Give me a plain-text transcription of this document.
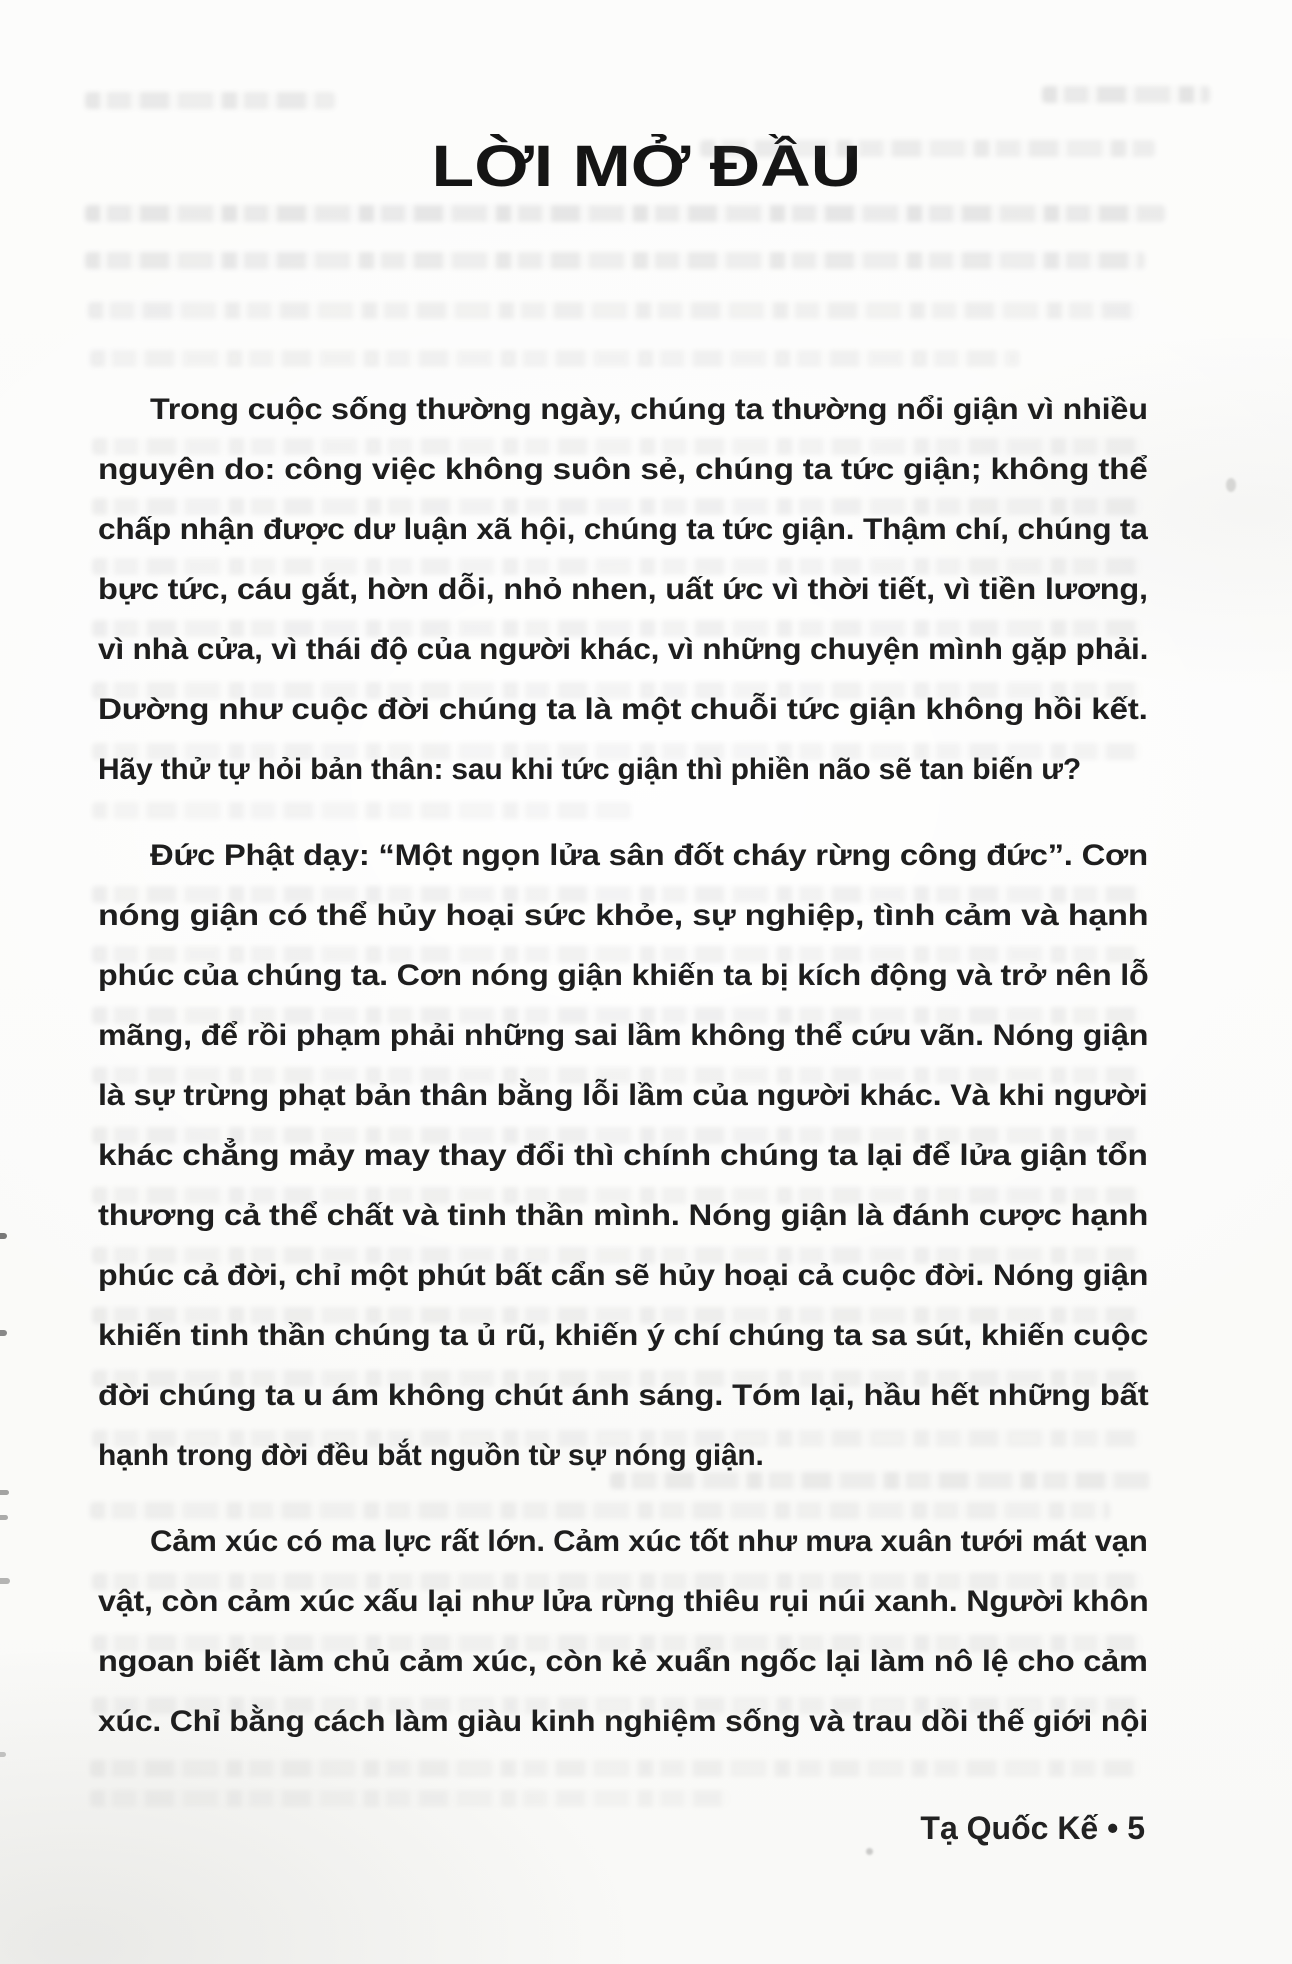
LỜI MỞ ĐẦU
Trong cuộc sống thường ngày, chúng ta thường nổi giận vì nhiều
nguyên do: công việc không suôn sẻ, chúng ta tức giận; không thể
chấp nhận được dư luận xã hội, chúng ta tức giận. Thậm chí, chúng ta
bực tức, cáu gắt, hờn dỗi, nhỏ nhen, uất ức vì thời tiết, vì tiền lương,
vì nhà cửa, vì thái độ của người khác, vì những chuyện mình gặp phải.
Dường như cuộc đời chúng ta là một chuỗi tức giận không hồi kết.
Hãy thử tự hỏi bản thân: sau khi tức giận thì phiền não sẽ tan biến ư?
Đức Phật dạy: “Một ngọn lửa sân đốt cháy rừng công đức”. Cơn
nóng giận có thể hủy hoại sức khỏe, sự nghiệp, tình cảm và hạnh
phúc của chúng ta. Cơn nóng giận khiến ta bị kích động và trở nên lỗ
mãng, để rồi phạm phải những sai lầm không thể cứu vãn. Nóng giận
là sự trừng phạt bản thân bằng lỗi lầm của người khác. Và khi người
khác chẳng mảy may thay đổi thì chính chúng ta lại để lửa giận tổn
thương cả thể chất và tinh thần mình. Nóng giận là đánh cược hạnh
phúc cả đời, chỉ một phút bất cẩn sẽ hủy hoại cả cuộc đời. Nóng giận
khiến tinh thần chúng ta ủ rũ, khiến ý chí chúng ta sa sút, khiến cuộc
đời chúng ta u ám không chút ánh sáng. Tóm lại, hầu hết những bất
hạnh trong đời đều bắt nguồn từ sự nóng giận.
Cảm xúc có ma lực rất lớn. Cảm xúc tốt như mưa xuân tưới mát vạn
vật, còn cảm xúc xấu lại như lửa rừng thiêu rụi núi xanh. Người khôn
ngoan biết làm chủ cảm xúc, còn kẻ xuẩn ngốc lại làm nô lệ cho cảm
xúc. Chỉ bằng cách làm giàu kinh nghiệm sống và trau dồi thế giới nội
Tạ Quốc Kế • 5
